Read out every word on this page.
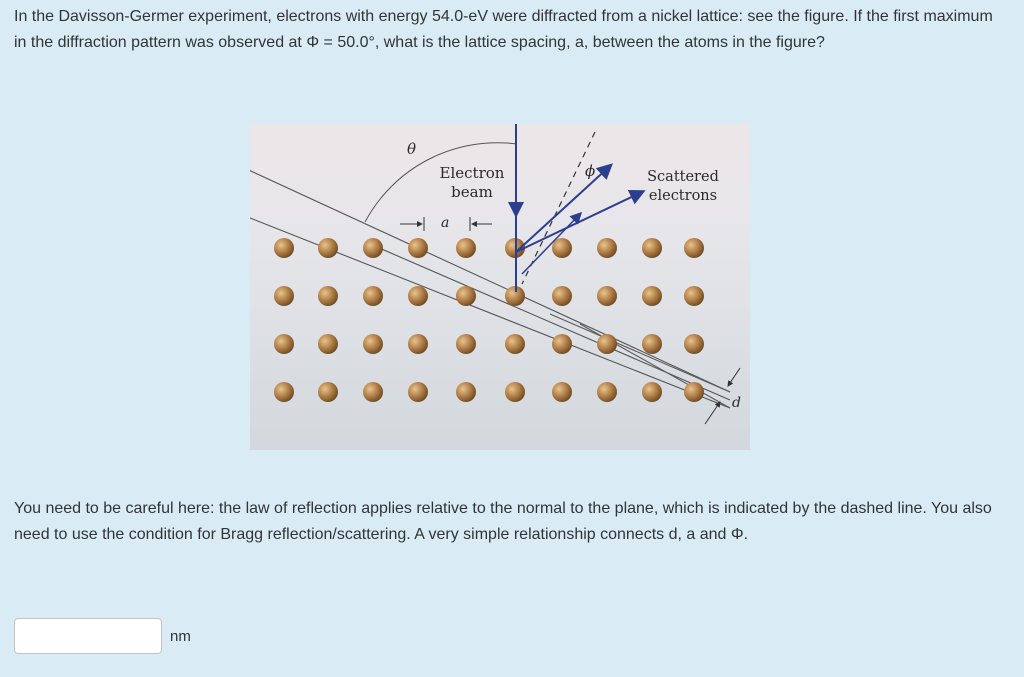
In the Davisson-Germer experiment, electrons with energy 54.0-eV were diffracted from a nickel lattice: see the figure. If the first maximum in the diffraction pattern was observed at Φ = 50.0°, what is the lattice spacing, a, between the atoms in the figure?

θ
ϕ
Electron
beam
Scattered
electrons
a
d

You need to be careful here: the law of reflection applies relative to the normal to the plane, which is indicated by the dashed line. You also need to use the condition for Bragg reflection/scattering. A very simple relationship connects d, a and Φ.

nm
